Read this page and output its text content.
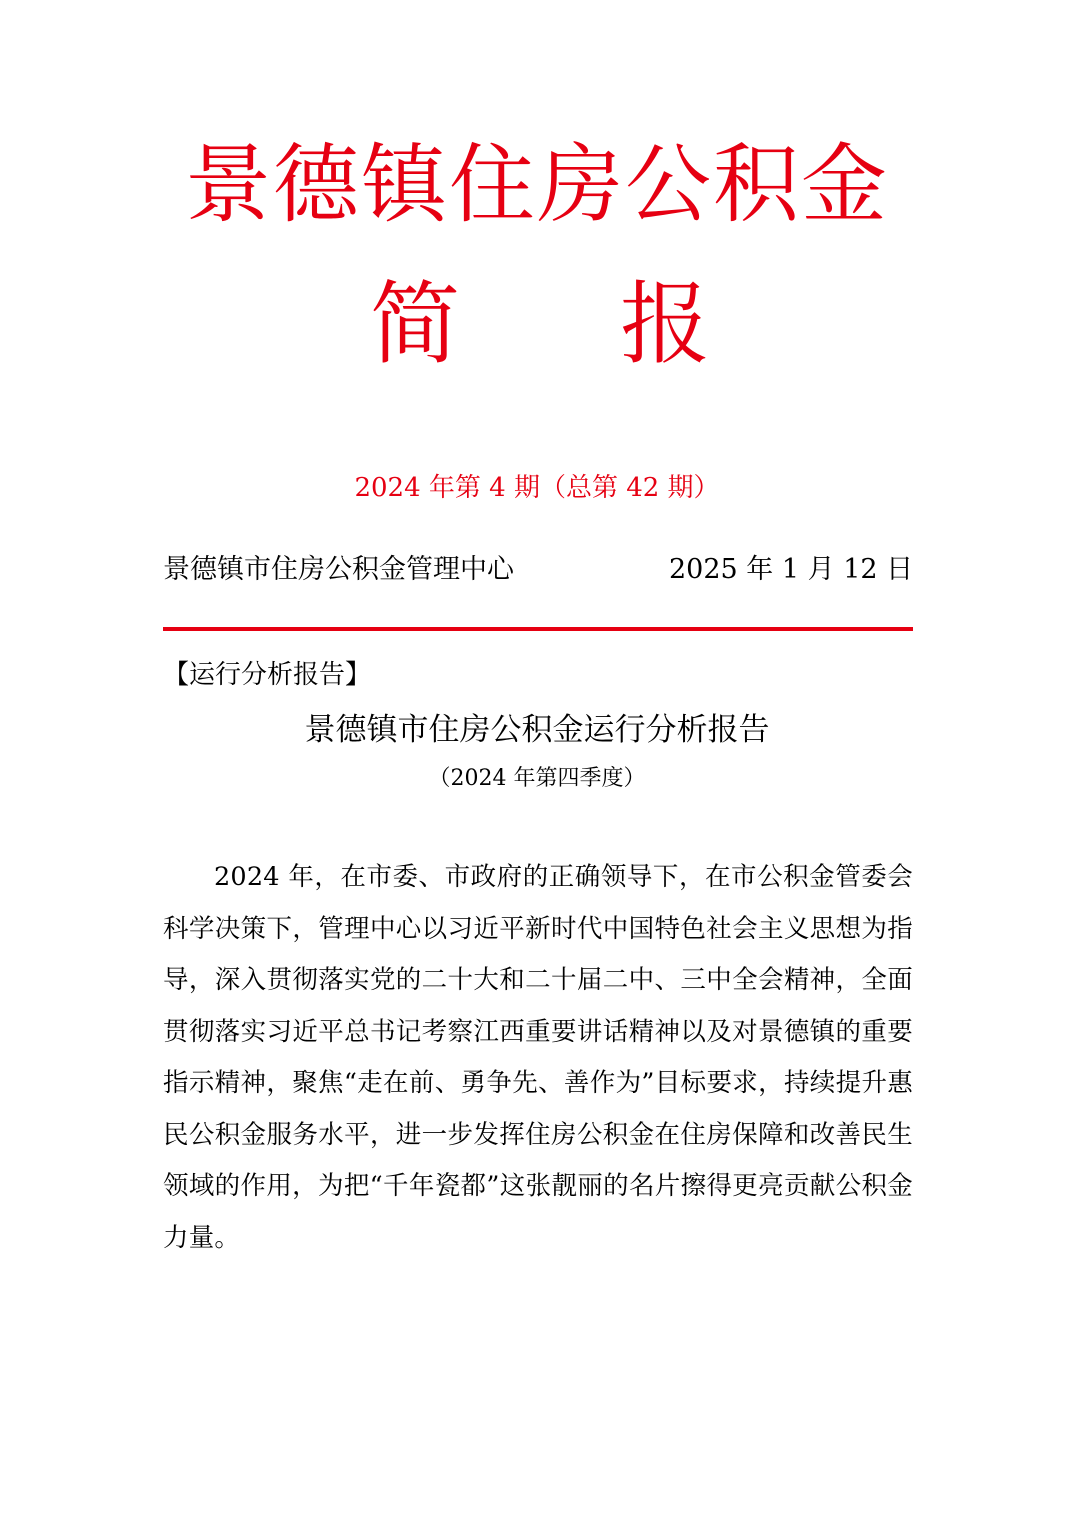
景德镇住房公积金
简 报
2024 年第 4 期（总第 42 期）
景德镇市住房公积金管理中心	2025 年 1 月 12 日
【运行分析报告】
景德镇市住房公积金运行分析报告
（2024 年第四季度）

2024 年，在市委、市政府的正确领导下，在市公积金管委会科学决策下，管理中心以习近平新时代中国特色社会主义思想为指导，深入贯彻落实党的二十大和二十届二中、三中全会精神，全面贯彻落实习近平总书记考察江西重要讲话精神以及对景德镇的重要指示精神，聚焦“走在前、勇争先、善作为”目标要求，持续提升惠民公积金服务水平，进一步发挥住房公积金在住房保障和改善民生领域的作用，为把“千年瓷都”这张靓丽的名片擦得更亮贡献公积金力量。
